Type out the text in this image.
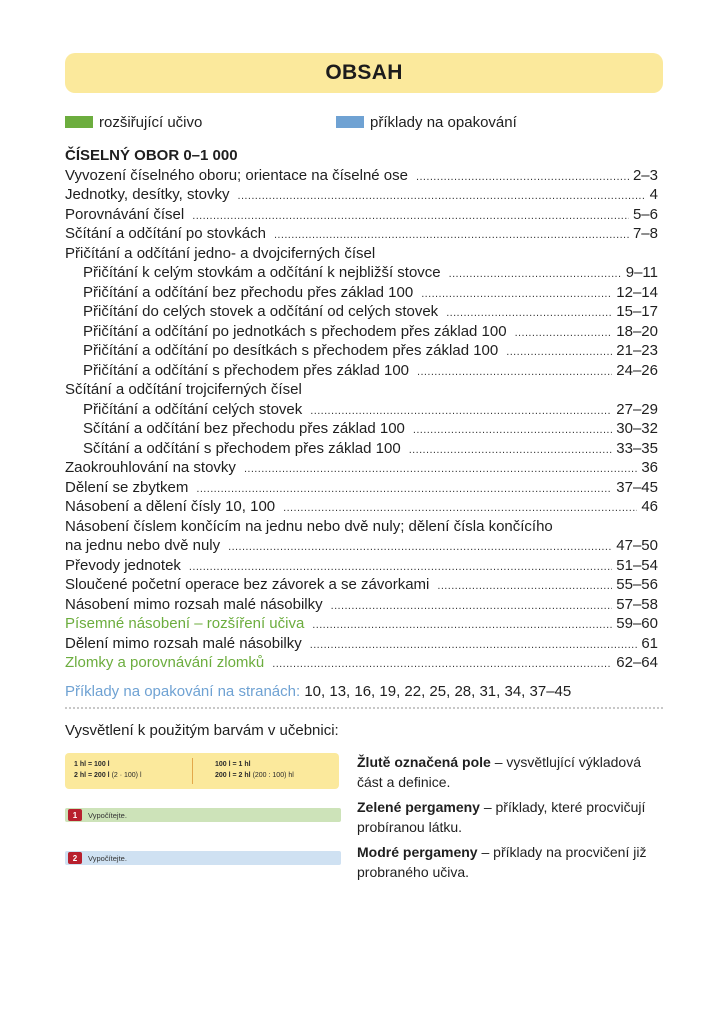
OBSAH
rozšiřující učivo	příklady na opakování
ČÍSELNÝ OBOR 0–1 000
Vyvození číselného oboru; orientace na číselné ose .....	2–3
Jednotky, desítky, stovky .....	4
Porovnávání čísel .....	5–6
Sčítání a odčítání po stovkách .....	7–8
Přičítání a odčítání jedno- a dvojciferných čísel
Přičítání k celým stovkám a odčítání k nejbližší stovce .....	9–11
Přičítání a odčítání bez přechodu přes základ 100 .....	12–14
Přičítání do celých stovek a odčítání od celých stovek .....	15–17
Přičítání a odčítání po jednotkách s přechodem přes základ 100 .....	18–20
Přičítání a odčítání po desítkách s přechodem přes základ 100 .....	21–23
Přičítání a odčítání s přechodem přes základ 100 .....	24–26
Sčítání a odčítání trojciferných čísel
Přičítání a odčítání celých stovek .....	27–29
Sčítání a odčítání bez přechodu přes základ 100 .....	30–32
Sčítání a odčítání s přechodem přes základ 100 .....	33–35
Zaokrouhlování na stovky .....	36
Dělení se zbytkem .....	37–45
Násobení a dělení čísly 10, 100 .....	46
Násobení číslem končícím na jednu nebo dvě nuly; dělení čísla končícího
na jednu nebo dvě nuly .....	47–50
Převody jednotek .....	51–54
Sloučené početní operace bez závorek a se závorkami .....	55–56
Násobení mimo rozsah malé násobilky .....	57–58
Písemné násobení – rozšíření učiva .....	59–60
Dělení mimo rozsah malé násobilky .....	61
Zlomky a porovnávání zlomků .....	62–64
Příklady na opakování na stranách: 10, 13, 16, 19, 22, 25, 28, 31, 34, 37–45
Vysvětlení k použitým barvám v učebnici:
1 hl = 100 l
2 hl = 200 l (2 · 100) l
100 l = 1 hl
200 l = 2 hl (200 : 100) hl
1	Vypočítejte.
2	Vypočítejte.
Žlutě označená pole – vysvětlující výkladová část a definice.
Zelené pergameny – příklady, které procvičují probíranou látku.
Modré pergameny – příklady na procvičení již probraného učiva.
